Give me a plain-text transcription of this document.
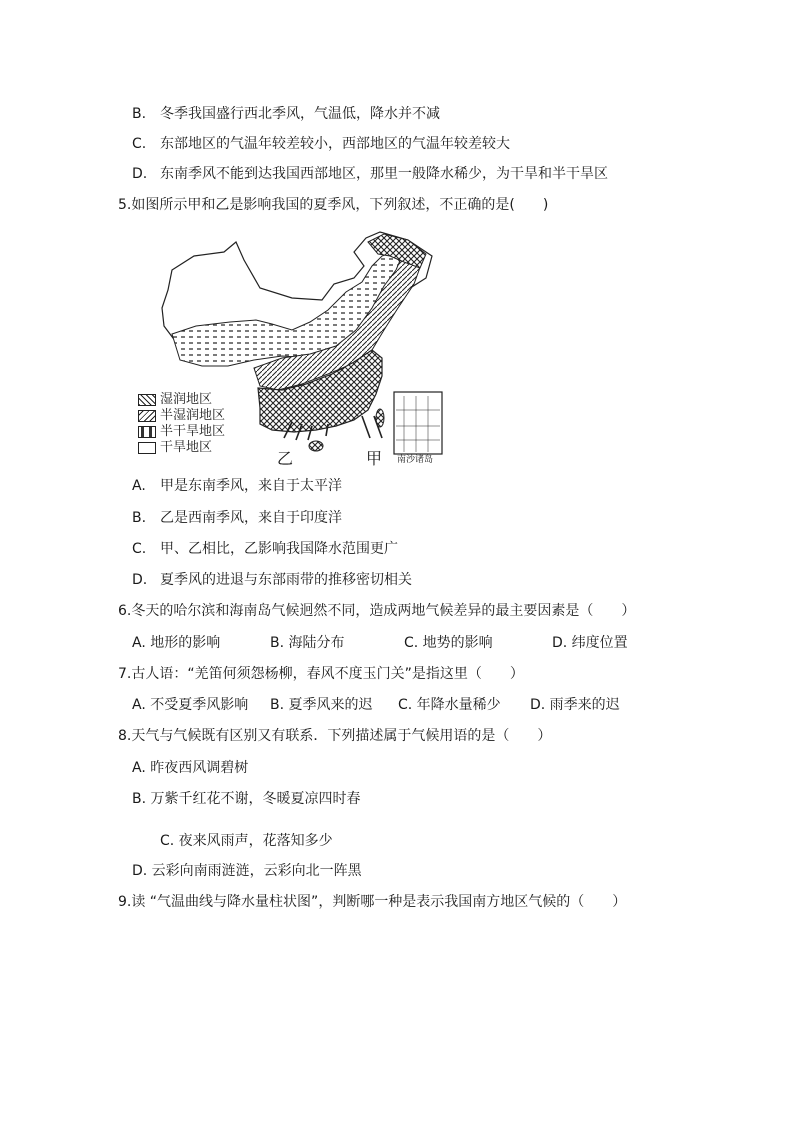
B. 冬季我国盛行西北季风，气温低，降水并不减
C. 东部地区的气温年较差较小，西部地区的气温年较差较大
D. 东南季风不能到达我国西部地区，那里一般降水稀少，为干旱和半干旱区
5.如图所示甲和乙是影响我国的夏季风，下列叙述，不正确的是(　　)
湿润地区
半湿润地区
半干旱地区
干旱地区
乙	甲 南沙诸岛
A. 甲是东南季风，来自于太平洋
B. 乙是西南季风，来自于印度洋
C. 甲、乙相比，乙影响我国降水范围更广
D. 夏季风的进退与东部雨带的推移密切相关
6.冬天的哈尔滨和海南岛气候迥然不同，造成两地气候差异的最主要因素是（　　）
A. 地形的影响	B. 海陆分布	C. 地势的影响	D. 纬度位置
7.古人语：“羌笛何须怨杨柳，春风不度玉门关”是指这里（　　）
A. 不受夏季风影响 B. 夏季风来的迟 C. 年降水量稀少 D. 雨季来的迟
8.天气与气候既有区别又有联系．下列描述属于气候用语的是（　　）
A. 昨夜西风调碧树
B. 万紫千红花不谢，冬暖夏凉四时春
C. 夜来风雨声，花落知多少
D. 云彩向南雨涟涟，云彩向北一阵黑
9.读 “气温曲线与降水量柱状图”，判断哪一种是表示我国南方地区气候的（　　）
